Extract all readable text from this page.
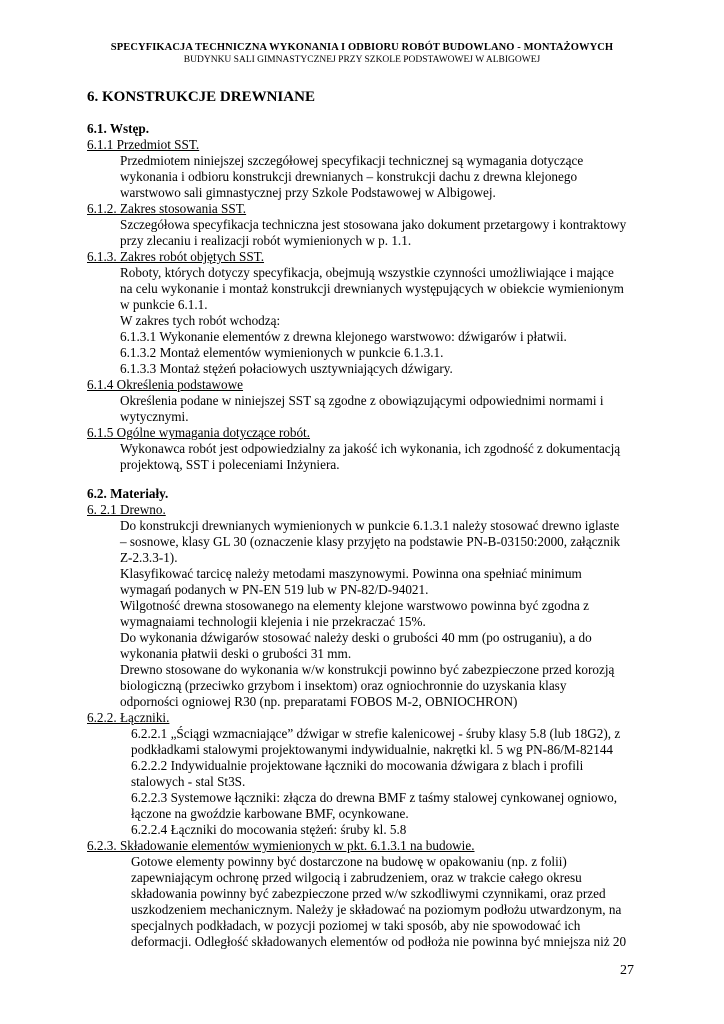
SPECYFIKACJA TECHNICZNA WYKONANIA I ODBIORU ROBÓT BUDOWLANO - MONTAŻOWYCH
BUDYNKU SALI GIMNASTYCZNEJ PRZY SZKOLE PODSTAWOWEJ W ALBIGOWEJ
6. KONSTRUKCJE DREWNIANE
6.1. Wstęp.
6.1.1 Przedmiot SST.
Przedmiotem niniejszej szczegółowej specyfikacji technicznej są wymagania dotyczące
wykonania i odbioru konstrukcji drewnianych – konstrukcji dachu z drewna klejonego
warstwowo sali gimnastycznej przy Szkole Podstawowej w Albigowej.
6.1.2. Zakres stosowania SST.
Szczegółowa specyfikacja techniczna jest stosowana jako dokument przetargowy i kontraktowy
przy zlecaniu i realizacji robót wymienionych w p. 1.1.
6.1.3. Zakres robót objętych SST.
Roboty, których dotyczy specyfikacja, obejmują wszystkie czynności umożliwiające i mające
na celu wykonanie i montaż konstrukcji drewnianych występujących w obiekcie wymienionym
w punkcie 6.1.1.
W zakres tych robót wchodzą:
6.1.3.1 Wykonanie elementów z drewna klejonego warstwowo: dźwigarów i płatwii.
6.1.3.2 Montaż elementów wymienionych w punkcie 6.1.3.1.
6.1.3.3 Montaż stężeń połaciowych usztywniających dźwigary.
6.1.4 Określenia podstawowe
Określenia podane w niniejszej SST są zgodne z obowiązującymi odpowiednimi normami i
wytycznymi.
6.1.5 Ogólne wymagania dotyczące robót.
Wykonawca robót jest odpowiedzialny za jakość ich wykonania, ich zgodność z dokumentacją
projektową, SST i poleceniami Inżyniera.
6.2. Materiały.
6. 2.1 Drewno.
Do konstrukcji drewnianych wymienionych w punkcie 6.1.3.1 należy stosować drewno iglaste
– sosnowe, klasy GL 30 (oznaczenie klasy przyjęto na podstawie PN-B-03150:2000, załącznik
Z-2.3.3-1).
Klasyfikować tarcicę należy metodami maszynowymi. Powinna ona spełniać minimum
wymagań podanych w PN-EN 519 lub w PN-82/D-94021.
Wilgotność drewna stosowanego na elementy klejone warstwowo powinna być zgodna z
wymagnaiami technologii klejenia i nie przekraczać 15%.
Do wykonania dźwigarów stosować należy deski o grubości 40 mm (po ostruganiu), a do
wykonania płatwii deski o grubości 31 mm.
Drewno stosowane do wykonania w/w konstrukcji powinno być zabezpieczone przed korozją
biologiczną (przeciwko grzybom i insektom) oraz ogniochronnie do uzyskania klasy
odporności ogniowej R30 (np. preparatami FOBOS M-2, OBNIOCHRON)
6.2.2. Łączniki.
6.2.2.1 „Ściągi wzmacniające” dźwigar w strefie kalenicowej - śruby klasy 5.8 (lub 18G2), z
podkładkami stalowymi projektowanymi indywidualnie, nakrętki kl. 5 wg PN-86/M-82144
6.2.2.2 Indywidualnie projektowane łączniki do mocowania dźwigara z blach i profili
stalowych - stal St3S.
6.2.2.3 Systemowe łączniki: złącza do drewna BMF z taśmy stalowej cynkowanej ogniowo,
łączone na gwoździe karbowane BMF, ocynkowane.
6.2.2.4 Łączniki do mocowania stężeń: śruby kl. 5.8
6.2.3. Składowanie elementów wymienionych w pkt. 6.1.3.1 na budowie.
Gotowe elementy powinny być dostarczone na budowę w opakowaniu (np. z folii)
zapewniającym ochronę przed wilgocią i zabrudzeniem, oraz w trakcie całego okresu
składowania powinny być zabezpieczone przed w/w szkodliwymi czynnikami, oraz przed
uszkodzeniem mechanicznym. Należy je składować na poziomym podłożu utwardzonym, na
specjalnych podkładach, w pozycji poziomej w taki sposób, aby nie spowodować ich
deformacji. Odległość składowanych elementów od podłoża nie powinna być mniejsza niż 20
27
